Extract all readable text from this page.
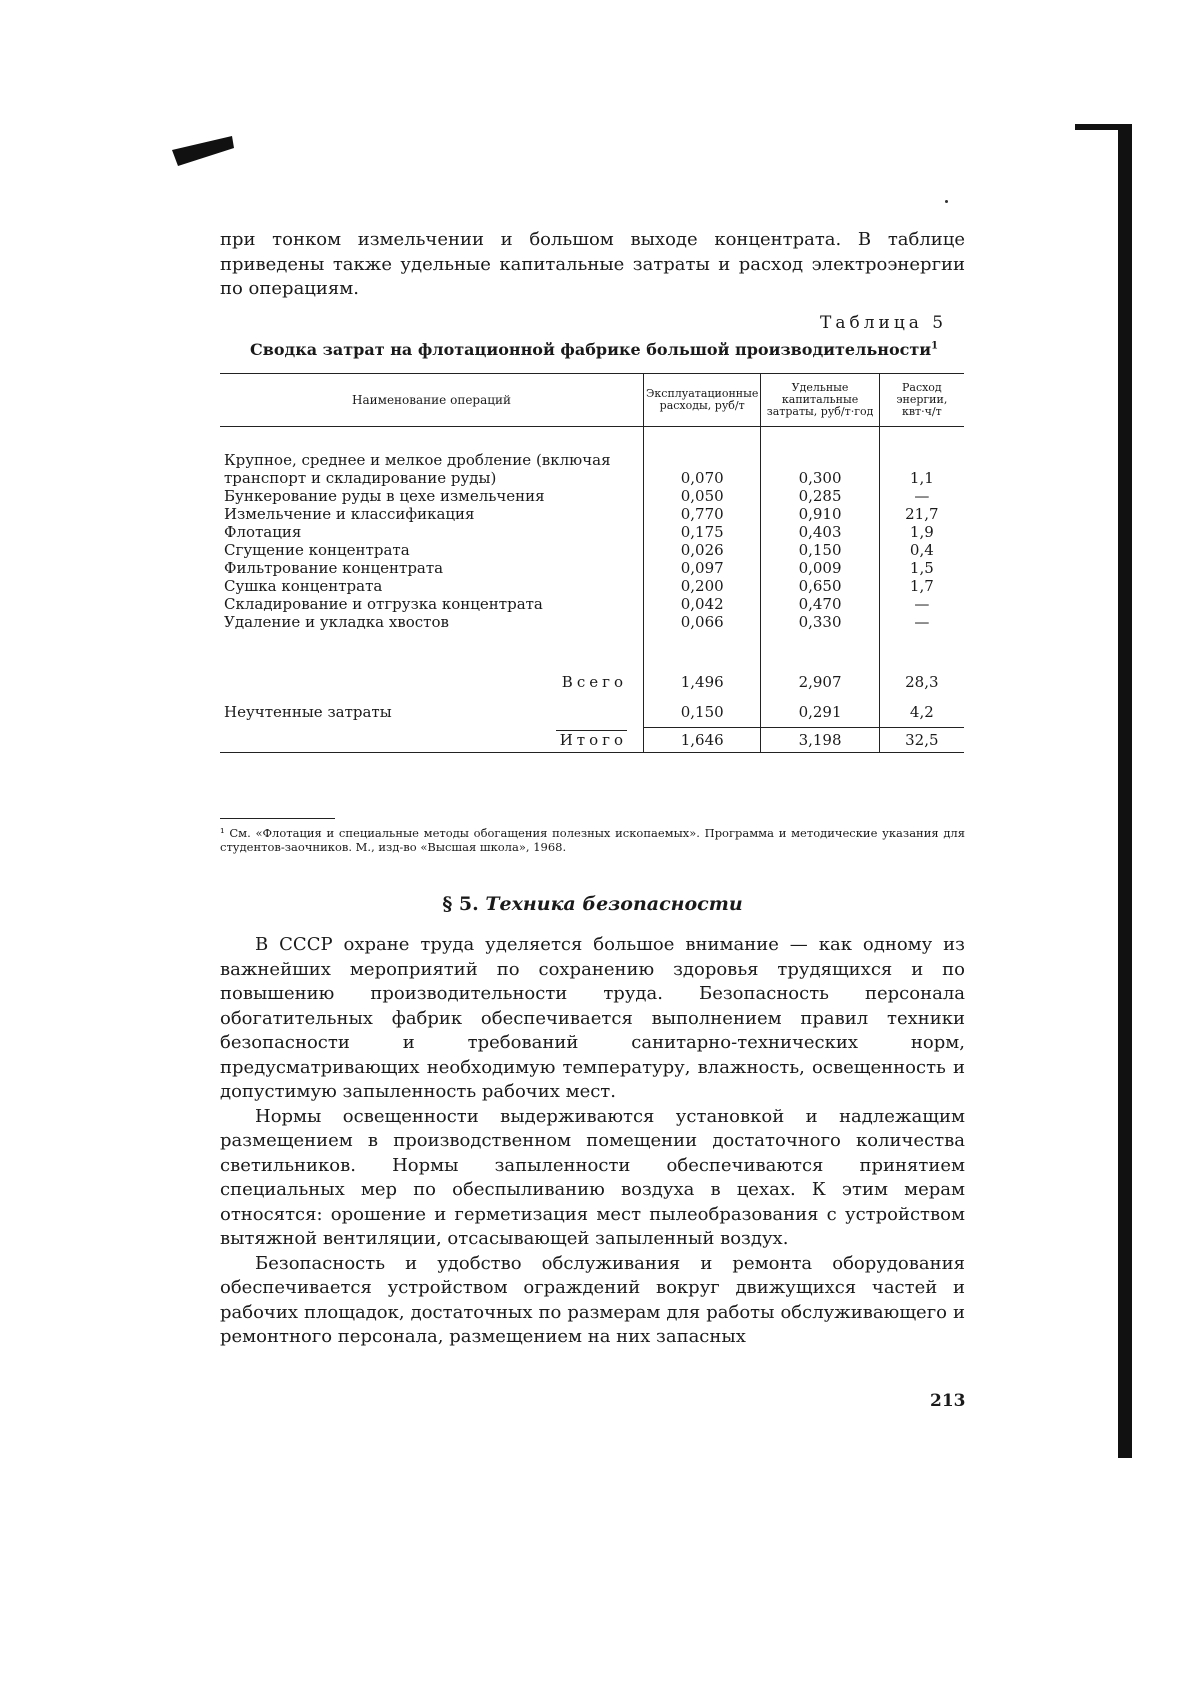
при тонком измельчении и большом выходе концентрата. В таблице приведены также удельные капитальные затраты и расход электроэнергии по операциям.

Таблица 5
Сводка затрат на флотационной фабрике большой производительности$^1$
Наименование операций	Эксплуатационные расходы, руб/т	Удельные капитальные затраты, руб/т·год	Расход энергии, квт·ч/т

Крупное, среднее и мелкое дробление (включая транспорт и складирование руды)	0,070	0,300	1,1
Бункерование руды в цехе измельчения	0,050	0,285	—
Измельчение и классификация	0,770	0,910	21,7
Флотация	0,175	0,403	1,9
Сгущение концентрата	0,026	0,150	0,4
Фильтрование концентрата	0,097	0,009	1,5
Сушка концентрата	0,200	0,650	1,7
Складирование и отгрузка концентрата	0,042	0,470	—
Удаление и укладка хвостов	0,066	0,330	—

Всего	1,496	2,907	28,3
Неучтенные затраты	0,150	0,291	4,2
Итого	1,646	3,198	32,5
¹ См. «Флотация и специальные методы обогащения полезных ископаемых». Программа и методические указания для студентов-заочников. М., изд-во «Высшая школа», 1968.
§ 5. Техника безопасности

В СССР охране труда уделяется большое внимание — как одному из важнейших мероприятий по сохранению здоровья трудящихся и по повышению производительности труда. Безопасность персонала обогатительных фабрик обеспечивается выполнением правил техники безопасности и требований санитарно-технических норм, предусматривающих необходимую температуру, влажность, освещенность и допустимую запыленность рабочих мест.

Нормы освещенности выдерживаются установкой и надлежащим размещением в производственном помещении достаточного количества светильников. Нормы запыленности обеспечиваются принятием специальных мер по обеспыливанию воздуха в цехах. К этим мерам относятся: орошение и герметизация мест пылеобразования с устройством вытяжной вентиляции, отсасывающей запыленный воздух.

Безопасность и удобство обслуживания и ремонта оборудования обеспечивается устройством ограждений вокруг движущихся частей и рабочих площадок, достаточных по размерам для работы обслуживающего и ремонтного персонала, размещением на них запасных

213
